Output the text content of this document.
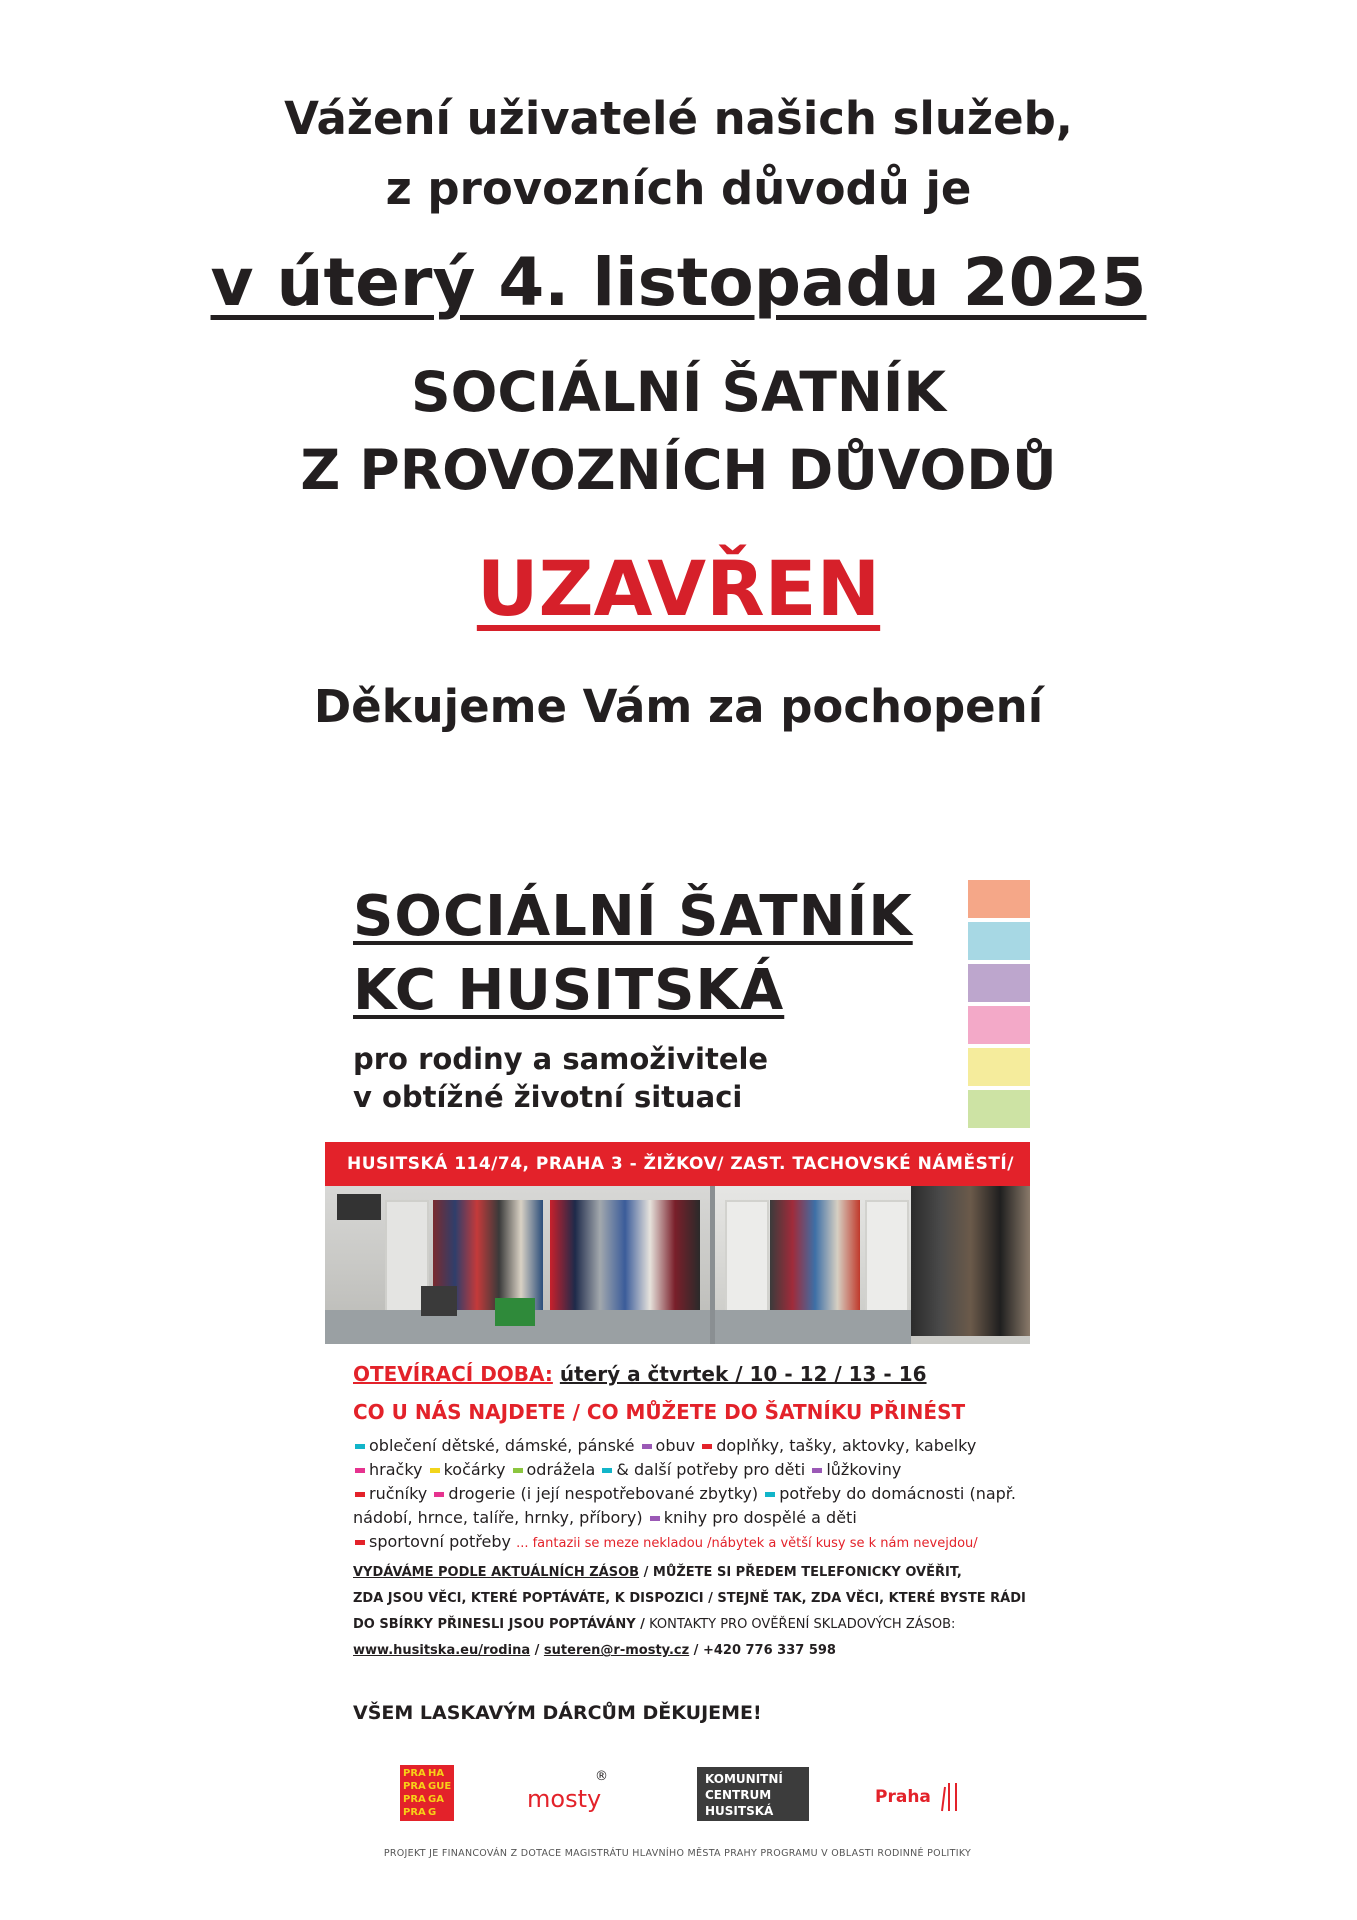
Vážení uživatelé našich služeb,
z provozních důvodů je
v úterý 4. listopadu 2025
SOCIÁLNÍ ŠATNÍK
Z PROVOZNÍCH DŮVODŮ
UZAVŘEN
Děkujeme Vám za pochopení
SOCIÁLNÍ ŠATNÍK
KC HUSITSKÁ
pro rodiny a samoživitele
v obtížné životní situaci
HUSITSKÁ 114/74, PRAHA 3 - ŽIŽKOV/ ZAST. TACHOVSKÉ NÁMĚSTÍ/
OTEVÍRACÍ DOBA: úterý a čtvrtek / 10 - 12 / 13 - 16
CO U NÁS NAJDETE / CO MŮŽETE DO ŠATNÍKU PŘINÉST
oblečení dětské, dámské, pánské obuv doplňky, tašky, aktovky, kabelky
hračky kočárky odrážela & další potřeby pro děti lůžkoviny
ručníky drogerie (i její nespotřebované zbytky) potřeby do domácnosti (např.
nádobí, hrnce, talíře, hrnky, příbory) knihy pro dospělé a děti
sportovní potřeby ... fantazii se meze nekladou /nábytek a větší kusy se k nám nevejdou/
VYDÁVÁME PODLE AKTUÁLNÍCH ZÁSOB / MŮŽETE SI PŘEDEM TELEFONICKY OVĚŘIT,
ZDA JSOU VĚCI, KTERÉ POPTÁVÁTE, K DISPOZICI / STEJNĚ TAK, ZDA VĚCI, KTERÉ BYSTE RÁDI
DO SBÍRKY PŘINESLI JSOU POPTÁVÁNY / KONTAKTY PRO OVĚŘENÍ SKLADOVÝCH ZÁSOB:
www.husitska.eu/rodina / suteren@r-mosty.cz / +420 776 337 598
VŠEM LASKAVÝM DÁRCŮM DĚKUJEME!
PRA HA
PRA GUE
PRA GA
PRA G	mosty
®	KOMUNITNÍ
CENTRUM
HUSITSKÁ
Praha
PROJEKT JE FINANCOVÁN Z DOTACE MAGISTRÁTU HLAVNÍHO MĚSTA PRAHY PROGRAMU V OBLASTI RODINNÉ POLITIKY
